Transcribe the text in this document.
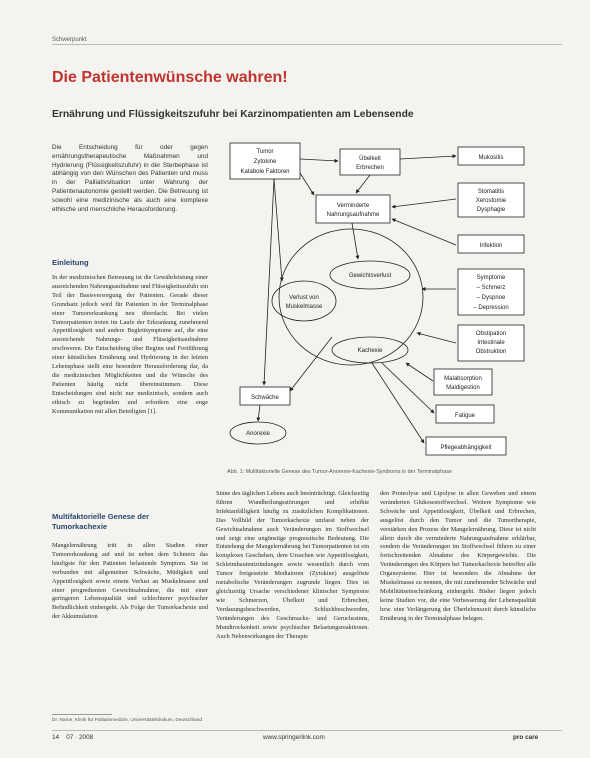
Schwerpunkt
Die Patientenwünsche wahren!
Ernährung und Flüssigkeitszufuhr bei Karzinompatienten am Lebensende

Die Entscheidung für oder gegen ernährungstherapeutische Maßnahmen und Hydrierung (Flüssigkeitszufuhr) in der Sterbephase ist abhängig von den Wünschen des Patienten und muss in der Palliativsituation unter Wahrung der Patientenautonomie gestellt werden. Die Betreuung ist sowohl eine medizinische als auch eine komplexe ethische und menschliche Herausforderung.

Einleitung

In der medizinischen Betreuung ist die Gewährleistung einer ausreichenden Nahrungsaufnahme und Flüssigkeitszufuhr ein Teil der Basisversorgung der Patienten. Gerade dieser Grundsatz jedoch wird für Patienten in der Terminalphase einer Tumorerkrankung neu überdacht. Bei vielen Tumorpatienten treten im Laufe der Erkrankung zunehmend Appetitlosigkeit und andere Begleitsymptome auf, die eine ausreichende Nahrungs- und Flüssigkeitsaufnahme erschweren. Die Entscheidung über Beginn und Fortführung einer künstlichen Ernährung und Hydrierung in der letzten Lebensphase stellt eine besondere Herausforderung dar, da die medizinischen Möglichkeiten und die Wünsche des Patienten häufig nicht übereinstimmen. Diese Entscheidungen sind nicht nur medizinisch, sondern auch ethisch zu begründen und erfordern eine enge Kommunikation mit allen Beteiligten [1].

Multifaktorielle Genese der
Tumorkachexie

Mangelernährung tritt in allen Stadien einer Tumorerkrankung auf und ist neben dem Schmerz das häufigste für den Patienten belastende Symptom. Sie ist verbunden mit allgemeiner Schwäche, Müdigkeit und Appetitlosigkeit sowie einem Verlust an Muskelmasse und einer progredienten Gewichtsabnahme, die mit einer geringeren Lebensqualität und schlechterer psychischer Befindlichkeit einhergeht. Als Folge der Tumorkachexie und der Akkumulation

Sinne des täglichen Lebens auch beeinträchtigt. Gleichzeitig führen Wundheilungsstörungen und erhöhte Infektanfälligkeit häufig zu zusätzlichen Komplikationen. Das Vollbild der Tumorkachexie umfasst neben der Gewichtsabnahme auch Veränderungen im Stoffwechsel und zeigt eine ungünstige prognostische Bedeutung. Die Entstehung der Mangelernährung bei Tumorpatienten ist ein komplexes Geschehen, dem Ursachen wie Appetitlosigkeit, Schleimhautentzündungen sowie wesentlich durch vom Tumor freigesetzte Mediatoren (Zytokine) ausgelöste metabolische Veränderungen zugrunde liegen. Dies ist gleichzeitig Ursache verschiedener klinischer Symptome wie Schmerzen, Übelkeit und Erbrechen, Verdauungsbeschwerden, Schluckbeschwerden, Veränderungen des Geschmacks- und Geruchssinns, Mundtrockenheit sowie psychischer Belastungsreaktionen. Auch Nebenwirkungen der Therapie

den Proteolyse und Lipolyse in allen Geweben und einem veränderten Glukosestoffwechsel. Weitere Symptome wie Schwäche und Appetitlosigkeit, Übelkeit und Erbrechen, ausgelöst durch den Tumor und die Tumortherapie, verstärken den Prozess der Mangelernährung. Diese ist nicht allein durch die verminderte Nahrungsaufnahme erklärbar, sondern die Veränderungen im Stoffwechsel führen zu einer fortschreitenden Abnahme des Körpergewichts. Die Veränderungen des Körpers bei Tumorkachexie betreffen alle Organsysteme. Hier ist besonders die Abnahme der Muskelmasse zu nennen, die mit zunehmender Schwäche und Mobilitätseinschränkung einhergeht. Bisher liegen jedoch keine Studien vor, die eine Verbesserung der Lebensqualität bzw. eine Verlängerung der Überlebenszeit durch künstliche Ernährung in der Terminalphase belegen.

Tumor
Zytokine
Katabole Faktoren
Übelkeit
Erbrechen
Mukositis
Stomatitis
Xerostomie
Dysphagie
Verminderte
Nahrungsaufnahme
Infektion
Symptome
– Schmerz
– Dyspnoe
– Depression
Obstipation
Intestinale
Obstruktion
Malabsorption
Maldigestion
Schwäche
Pflegeabhängigkeit
Fatigue
Anorexie
Gewichtsverlust
Verlust von
Muskelmasse
Kachexie
Abb. 1: Multifaktorielle Genese des Tumor-Anorexie-Kachexie-Syndroms in der Terminalphase
Dr. Name, Klinik für Palliativmedizin, Universitätsklinikum, Deutschland
14 07 · 2008	www.springerlink.com	pro care
